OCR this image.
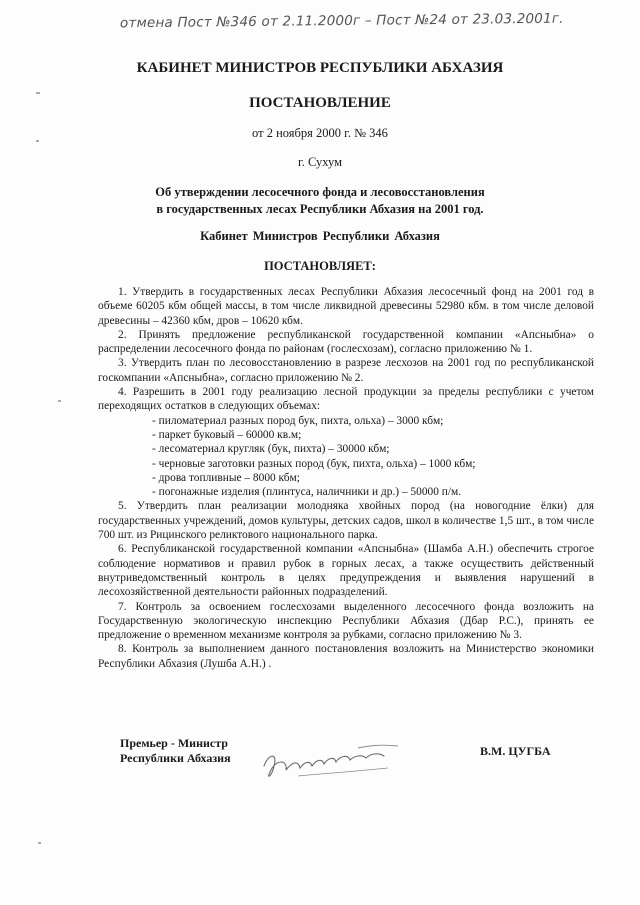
отмена Пост №346 от 2.11.2000г – Пост №24 от 23.03.2001г.
КАБИНЕТ МИНИСТРОВ РЕСПУБЛИКИ АБХАЗИЯ
ПОСТАНОВЛЕНИЕ
от 2 ноября 2000 г. № 346
г. Сухум
Об утверждении лесосечного фонда и лесовосстановления
в государственных лесах Республики Абхазия на 2001 год.
Кабинет Министров Республики Абхазия
ПОСТАНОВЛЯЕТ:

1. Утвердить в государственных лесах Республики Абхазия лесосечный фонд на 2001 год в объеме 60205 кбм общей массы, в том числе ликвидной древесины 52980 кбм. в том числе деловой древесины – 42360 кбм, дров – 10620 кбм.

2. Принять предложение республиканской государственной компании «Апсныбна» о распределении лесосечного фонда по районам (гослесхозам), согласно приложению № 1.

3. Утвердить план по лесовосстановлению в разрезе лесхозов на 2001 год по республиканской госкомпании «Апсныбна», согласно приложению № 2.

4. Разрешить в 2001 году реализацию лесной продукции за пределы республики с учетом переходящих остатков в следующих объемах:

- пиломатериал разных пород бук, пихта, ольха) – 3000 кбм;
- паркет буковый – 60000 кв.м;
- лесоматериал кругляк (бук, пихта) – 30000 кбм;
- черновые заготовки разных пород (бук, пихта, ольха) – 1000 кбм;
- дрова топливные – 8000 кбм;
- погонажные изделия (плинтуса, наличники и др.) – 50000 п/м.

5. Утвердить план реализации молодняка хвойных пород (на новогодние ёлки) для государственных учреждений, домов культуры, детских садов, школ в количестве 1,5 шт., в том числе 700 шт. из Рицинского реликтового национального парка.

6. Республиканской государственной компании «Апсныбна» (Шамба А.Н.) обеспечить строгое соблюдение нормативов и правил рубок в горных лесах, а также осуществить действенный внутриведомственный контроль в целях предупреждения и выявления нарушений в лесохозяйственной деятельности районных подразделений.

7. Контроль за освоением гослесхозами выделенного лесосечного фонда возложить на Государственную экологическую инспекцию Республики Абхазия (Дбар Р.С.), принять ее предложение о временном механизме контроля за рубками, согласно приложению № 3.

8. Контроль за выполнением данного постановления возложить на Министерство экономики Республики Абхазия (Лушба А.Н.) .

Премьер - Министр
Республики Абхазия	В.М. ЦУГБА
